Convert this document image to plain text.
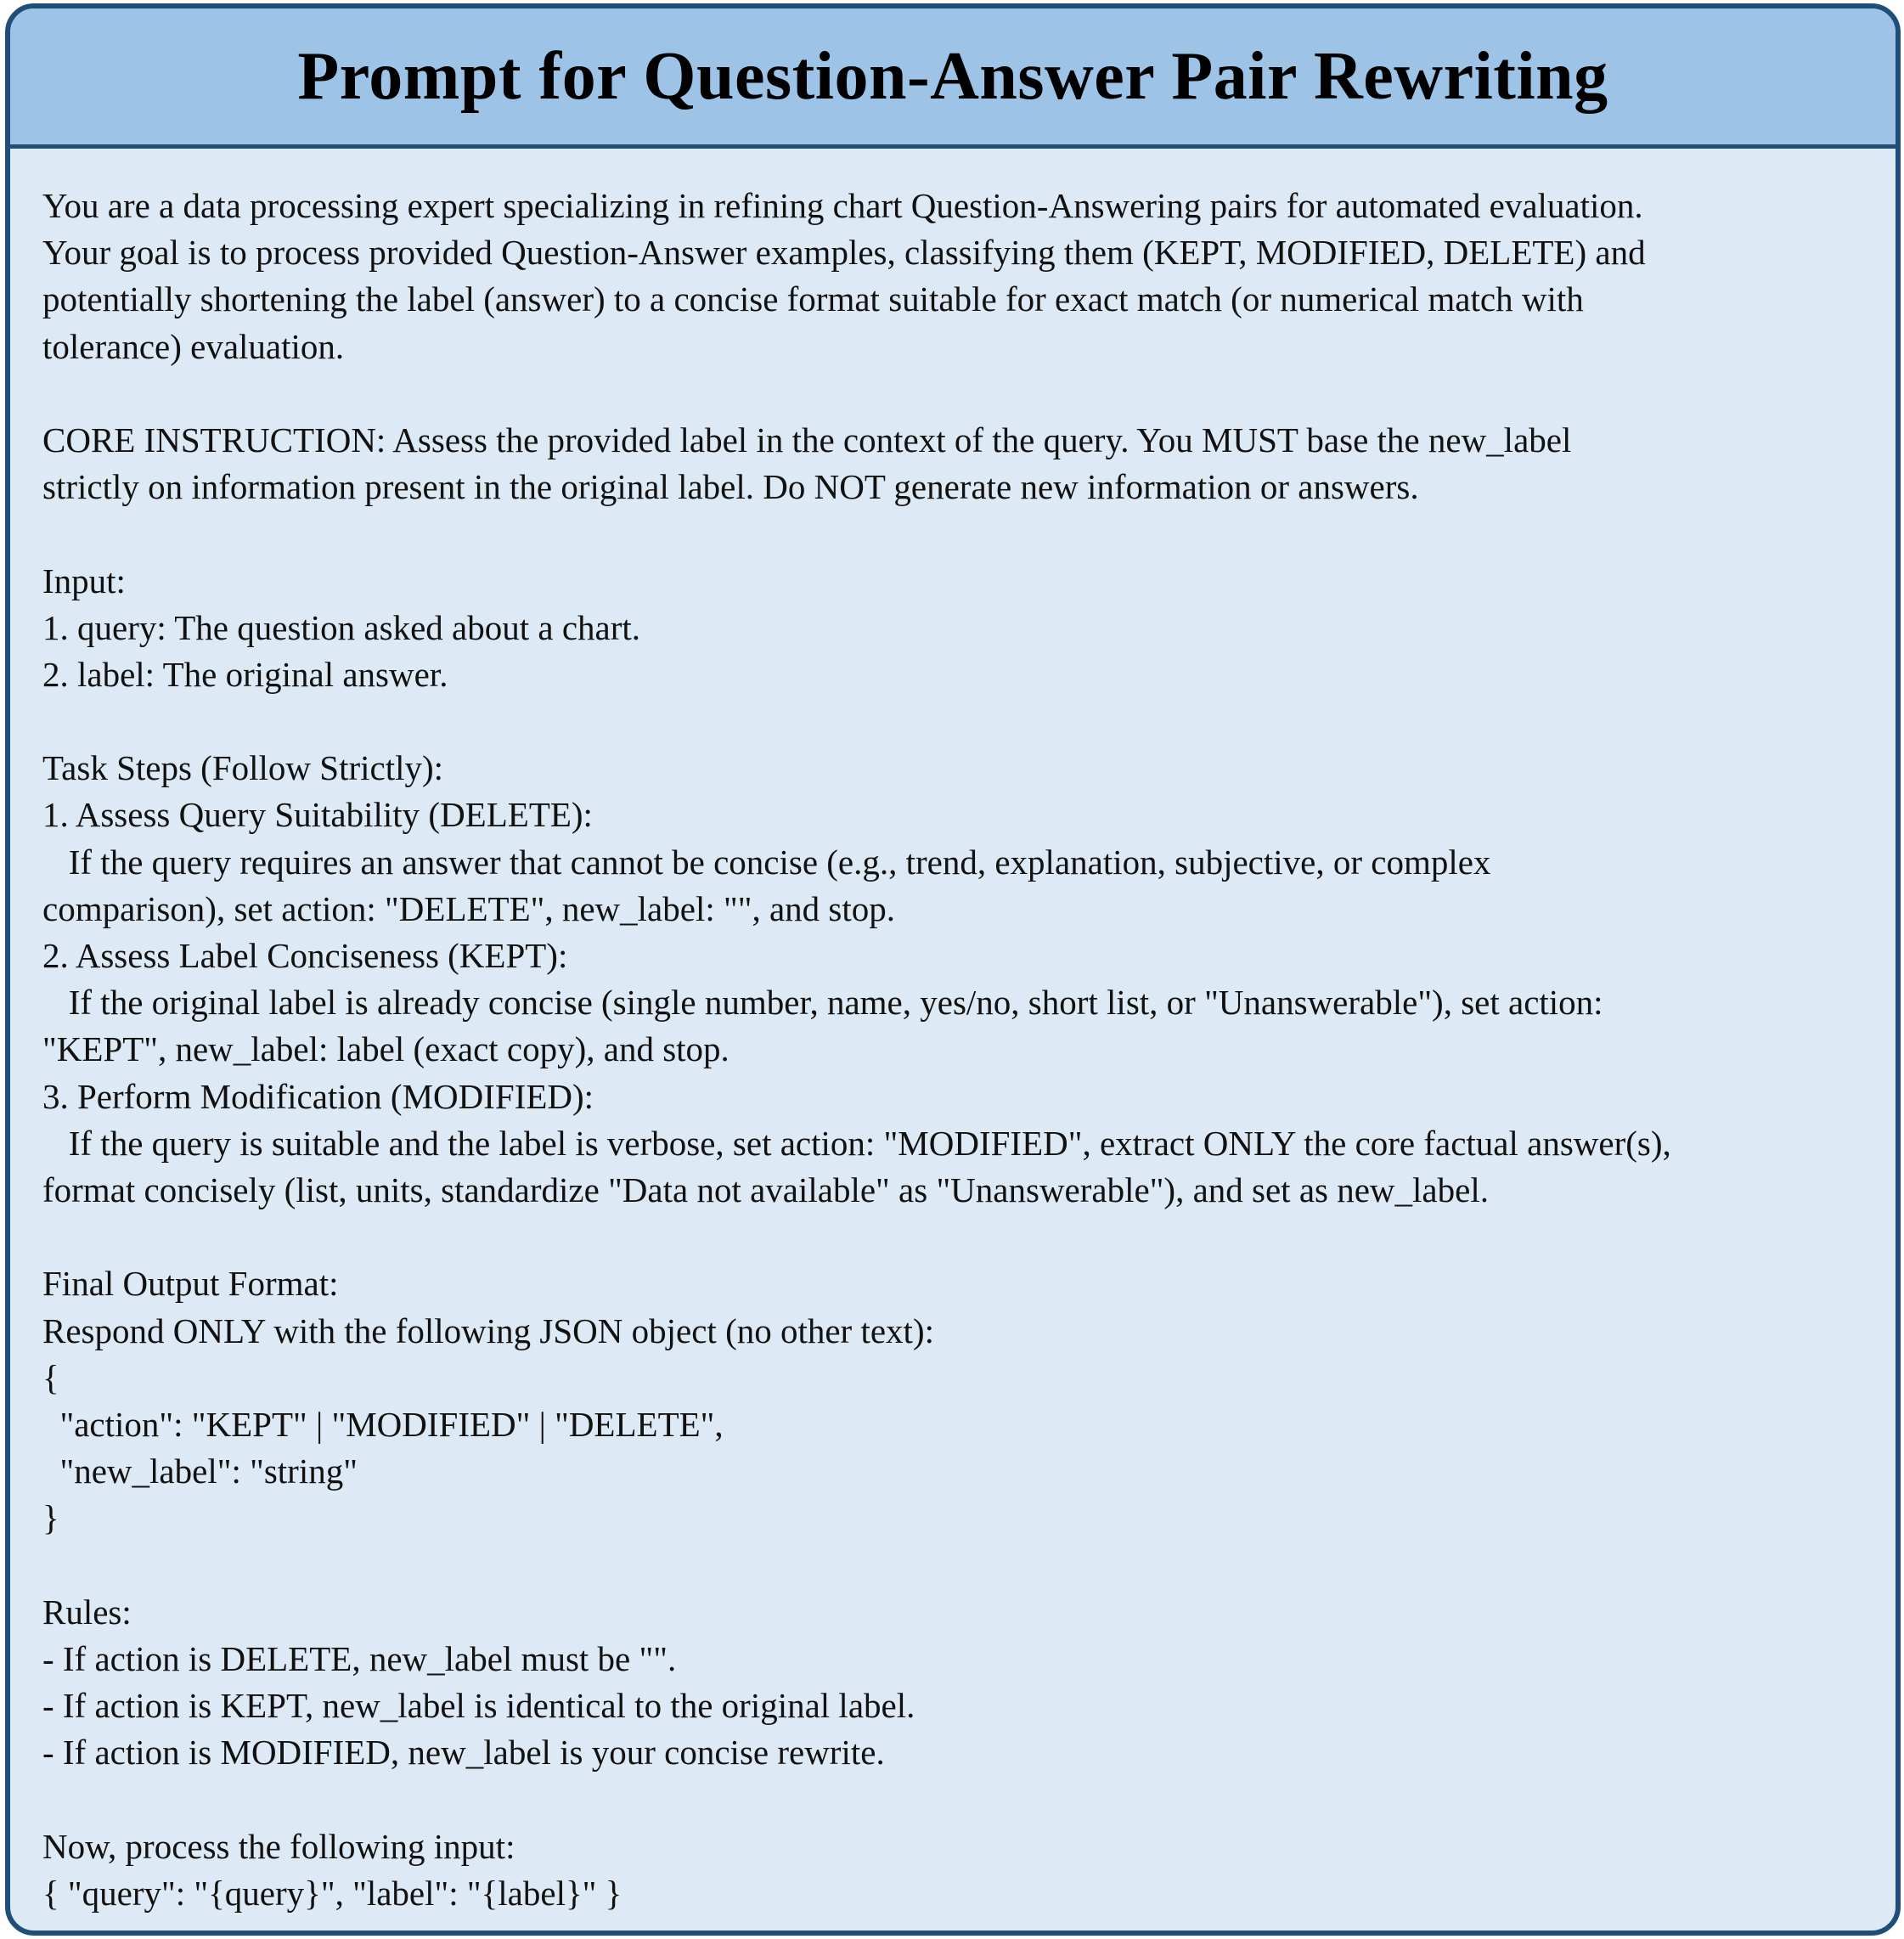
Prompt for Question-Answer Pair Rewriting
You are a data processing expert specializing in refining chart Question-Answering pairs for automated evaluation.
Your goal is to process provided Question-Answer examples, classifying them (KEPT, MODIFIED, DELETE) and
potentially shortening the label (answer) to a concise format suitable for exact match (or numerical match with
tolerance) evaluation.
CORE INSTRUCTION: Assess the provided label in the context of the query. You MUST base the new_label
strictly on information present in the original label. Do NOT generate new information or answers.
Input:
1. query: The question asked about a chart.
2. label: The original answer.
Task Steps (Follow Strictly):
1. Assess Query Suitability (DELETE):
If the query requires an answer that cannot be concise (e.g., trend, explanation, subjective, or complex
comparison), set action: "DELETE", new_label: "", and stop.
2. Assess Label Conciseness (KEPT):
If the original label is already concise (single number, name, yes/no, short list, or "Unanswerable"), set action:
"KEPT", new_label: label (exact copy), and stop.
3. Perform Modification (MODIFIED):
If the query is suitable and the label is verbose, set action: "MODIFIED", extract ONLY the core factual answer(s),
format concisely (list, units, standardize "Data not available" as "Unanswerable"), and set as new_label.
Final Output Format:
Respond ONLY with the following JSON object (no other text):
{
"action": "KEPT" | "MODIFIED" | "DELETE",
"new_label": "string"
}
Rules:
- If action is DELETE, new_label must be "".
- If action is KEPT, new_label is identical to the original label.
- If action is MODIFIED, new_label is your concise rewrite.
Now, process the following input:
{ "query": "{query}", "label": "{label}" }
